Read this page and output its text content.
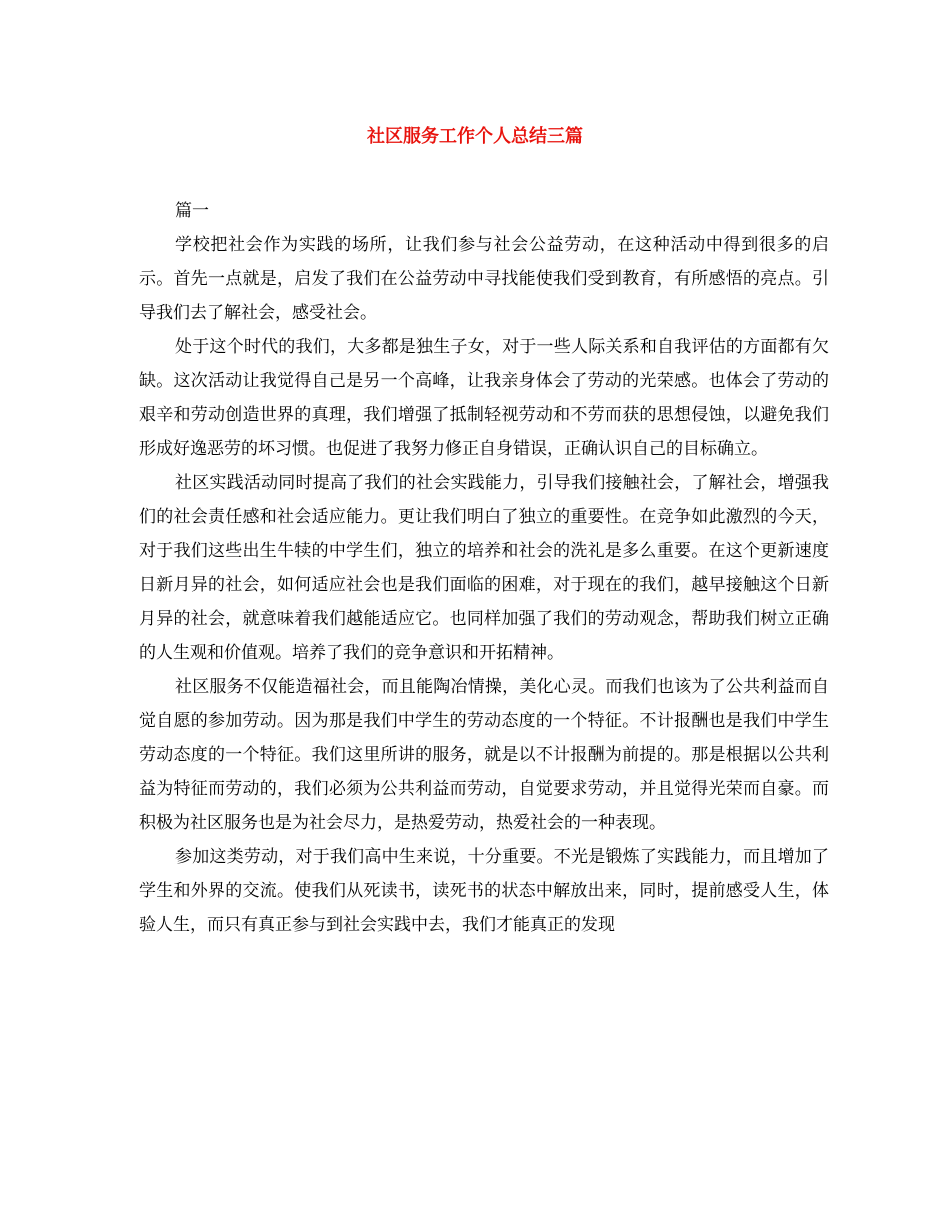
社区服务工作个人总结三篇

篇一

学校把社会作为实践的场所，让我们参与社会公益劳动，在这种活动中得到很多的启示。首先一点就是，启发了我们在公益劳动中寻找能使我们受到教育，有所感悟的亮点。引导我们去了解社会，感受社会。

处于这个时代的我们，大多都是独生子女，对于一些人际关系和自我评估的方面都有欠缺。这次活动让我觉得自己是另一个高峰，让我亲身体会了劳动的光荣感。也体会了劳动的艰辛和劳动创造世界的真理，我们增强了抵制轻视劳动和不劳而获的思想侵蚀，以避免我们形成好逸恶劳的坏习惯。也促进了我努力修正自身错误，正确认识自己的目标确立。

社区实践活动同时提高了我们的社会实践能力，引导我们接触社会，了解社会，增强我们的社会责任感和社会适应能力。更让我们明白了独立的重要性。在竞争如此激烈的今天，对于我们这些出生牛犊的中学生们，独立的培养和社会的洗礼是多么重要。在这个更新速度日新月异的社会，如何适应社会也是我们面临的困难，对于现在的我们，越早接触这个日新月异的社会，就意味着我们越能适应它。也同样加强了我们的劳动观念，帮助我们树立正确的人生观和价值观。培养了我们的竞争意识和开拓精神。

社区服务不仅能造福社会，而且能陶冶情操，美化心灵。而我们也该为了公共利益而自觉自愿的参加劳动。因为那是我们中学生的劳动态度的一个特征。不计报酬也是我们中学生劳动态度的一个特征。我们这里所讲的服务，就是以不计报酬为前提的。那是根据以公共利益为特征而劳动的，我们必须为公共利益而劳动，自觉要求劳动，并且觉得光荣而自豪。而积极为社区服务也是为社会尽力，是热爱劳动，热爱社会的一种表现。

参加这类劳动，对于我们高中生来说，十分重要。不光是锻炼了实践能力，而且增加了学生和外界的交流。使我们从死读书，读死书的状态中解放出来，同时，提前感受人生，体验人生，而只有真正参与到社会实践中去，我们才能真正的发现
